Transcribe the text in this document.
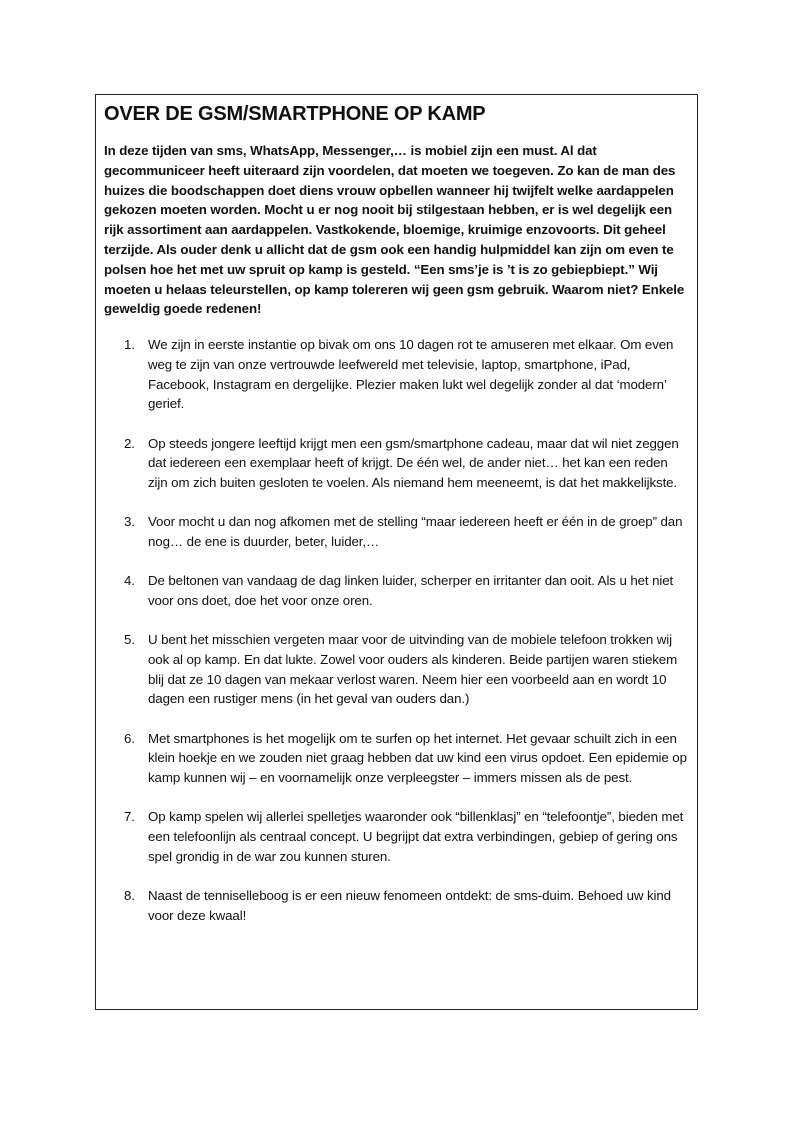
OVER DE GSM/SMARTPHONE OP KAMP

In deze tijden van sms, WhatsApp, Messenger,… is mobiel zijn een must. Al dat gecommuniceer heeft uiteraard zijn voordelen, dat moeten we toegeven. Zo kan de man des huizes die boodschappen doet diens vrouw opbellen wanneer hij twijfelt welke aardappelen gekozen moeten worden. Mocht u er nog nooit bij stilgestaan hebben, er is wel degelijk een rijk assortiment aan aardappelen. Vastkokende, bloemige, kruimige enzovoorts. Dit geheel terzijde. Als ouder denk u allicht dat de gsm ook een handig hulpmiddel kan zijn om even te polsen hoe het met uw spruit op kamp is gesteld. “Een sms’je is ’t is zo gebiepbiept.” Wij moeten u helaas teleurstellen, op kamp tolereren wij geen gsm gebruik. Waarom niet? Enkele geweldig goede redenen!

1. We zijn in eerste instantie op bivak om ons 10 dagen rot te amuseren met elkaar. Om even weg te zijn van onze vertrouwde leefwereld met televisie, laptop, smartphone, iPad, Facebook, Instagram en dergelijke. Plezier maken lukt wel degelijk zonder al dat ‘modern’ gerief.
2. Op steeds jongere leeftijd krijgt men een gsm/smartphone cadeau, maar dat wil niet zeggen dat iedereen een exemplaar heeft of krijgt. De één wel, de ander niet… het kan een reden zijn om zich buiten gesloten te voelen. Als niemand hem meeneemt, is dat het makkelijkste.
3. Voor mocht u dan nog afkomen met de stelling “maar iedereen heeft er één in de groep” dan nog… de ene is duurder, beter, luider,…
4. De beltonen van vandaag de dag linken luider, scherper en irritanter dan ooit. Als u het niet voor ons doet, doe het voor onze oren.
5. U bent het misschien vergeten maar voor de uitvinding van de mobiele telefoon trokken wij ook al op kamp. En dat lukte. Zowel voor ouders als kinderen. Beide partijen waren stiekem blij dat ze 10 dagen van mekaar verlost waren. Neem hier een voorbeeld aan en wordt 10 dagen een rustiger mens (in het geval van ouders dan.)
6. Met smartphones is het mogelijk om te surfen op het internet. Het gevaar schuilt zich in een klein hoekje en we zouden niet graag hebben dat uw kind een virus opdoet. Een epidemie op kamp kunnen wij – en voornamelijk onze verpleegster – immers missen als de pest.
7. Op kamp spelen wij allerlei spelletjes waaronder ook “billenklasj” en “telefoontje”, bieden met een telefoonlijn als centraal concept. U begrijpt dat extra verbindingen, gebiep of gering ons spel grondig in de war zou kunnen sturen.
8. Naast de tenniselleboog is er een nieuw fenomeen ontdekt: de sms-duim. Behoed uw kind voor deze kwaal!
